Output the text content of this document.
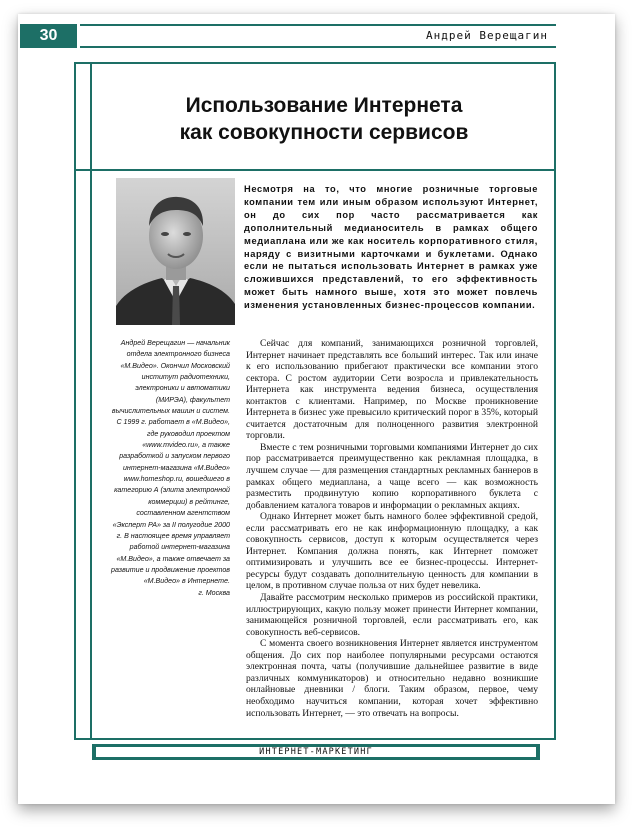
30	Андрей Верещагин
Использование Интернета
как совокупности сервисов
Несмотря на то, что многие розничные торговые компании тем или иным образом используют Интернет, он до сих пор часто рассматривается как дополнительный медианоситель в рамках общего медиаплана или же как носитель корпоративного стиля, наряду с визитными карточками и буклетами. Однако если не пытаться использовать Интернет в рамках уже сложившихся представлений, то его эффективность может быть намного выше, хотя это может повлечь изменения установленных бизнес-процессов компании.
Андрей Верещагин — начальник отдела электронного бизнеса «М.Видео». Окончил Московский институт радиотехники, электроники и автоматики (МИРЭА), факультет вычислительных машин и систем. С 1999 г. работает в «М.Видео», где руководил проектом «www.mvideo.ru», а также разработкой и запуском первого интернет-магазина «М.Видео» www.homeshop.ru, вошедшего в категорию А (элита электронной коммерции) в рейтинге, составленном агентством «Эксперт РА» за II полугодие 2000 г. В настоящее время управляет работой интернет-магазина «М.Видео», а также отвечает за развитие и продвижение проектов «М.Видео» в Интернете.
г. Москва

Сейчас для компаний, занимающихся розничной торговлей, Интернет начинает представлять все больший интерес. Так или иначе к его использованию прибегают практически все компании этого сектора. С ростом аудитории Сети возросла и привлекательность Интернета как инструмента ведения бизнеса, осуществления контактов с клиентами. Например, по Москве проникновение Интернета в бизнес уже превысило критический порог в 35%, который считается достаточным для полноценного развития электронной торговли.

Вместе с тем розничными торговыми компаниями Интернет до сих пор рассматривается преимущественно как рекламная площадка, в лучшем случае — для размещения стандартных рекламных баннеров в рамках общего медиаплана, а чаще всего — как возможность разместить продвинутую копию корпоративного буклета с добавлением каталога товаров и информации о рекламных акциях.

Однако Интернет может быть намного более эффективной средой, если рассматривать его не как информационную площадку, а как совокупность сервисов, доступ к которым осуществляется через Интернет. Компания должна понять, как Интернет поможет оптимизировать и улучшить все ее бизнес-процессы. Интернет-ресурсы будут создавать дополнительную ценность для компании в целом, в противном случае польза от них будет невелика.

Давайте рассмотрим несколько примеров из российской практики, иллюстрирующих, какую пользу может принести Интернет компании, занимающейся розничной торговлей, если рассматривать его, как совокупность веб-сервисов.

С момента своего возникновения Интернет является инструментом общения. До сих пор наиболее популярными ресурсами остаются электронная почта, чаты (получившие дальнейшее развитие в виде различных коммуникаторов) и относительно недавно возникшие онлайновые дневники / блоги. Таким образом, первое, чему необходимо научиться компании, которая хочет эффективно использовать Интернет, — это отвечать на вопросы.

ИНТЕРНЕТ-МАРКЕТИНГ
